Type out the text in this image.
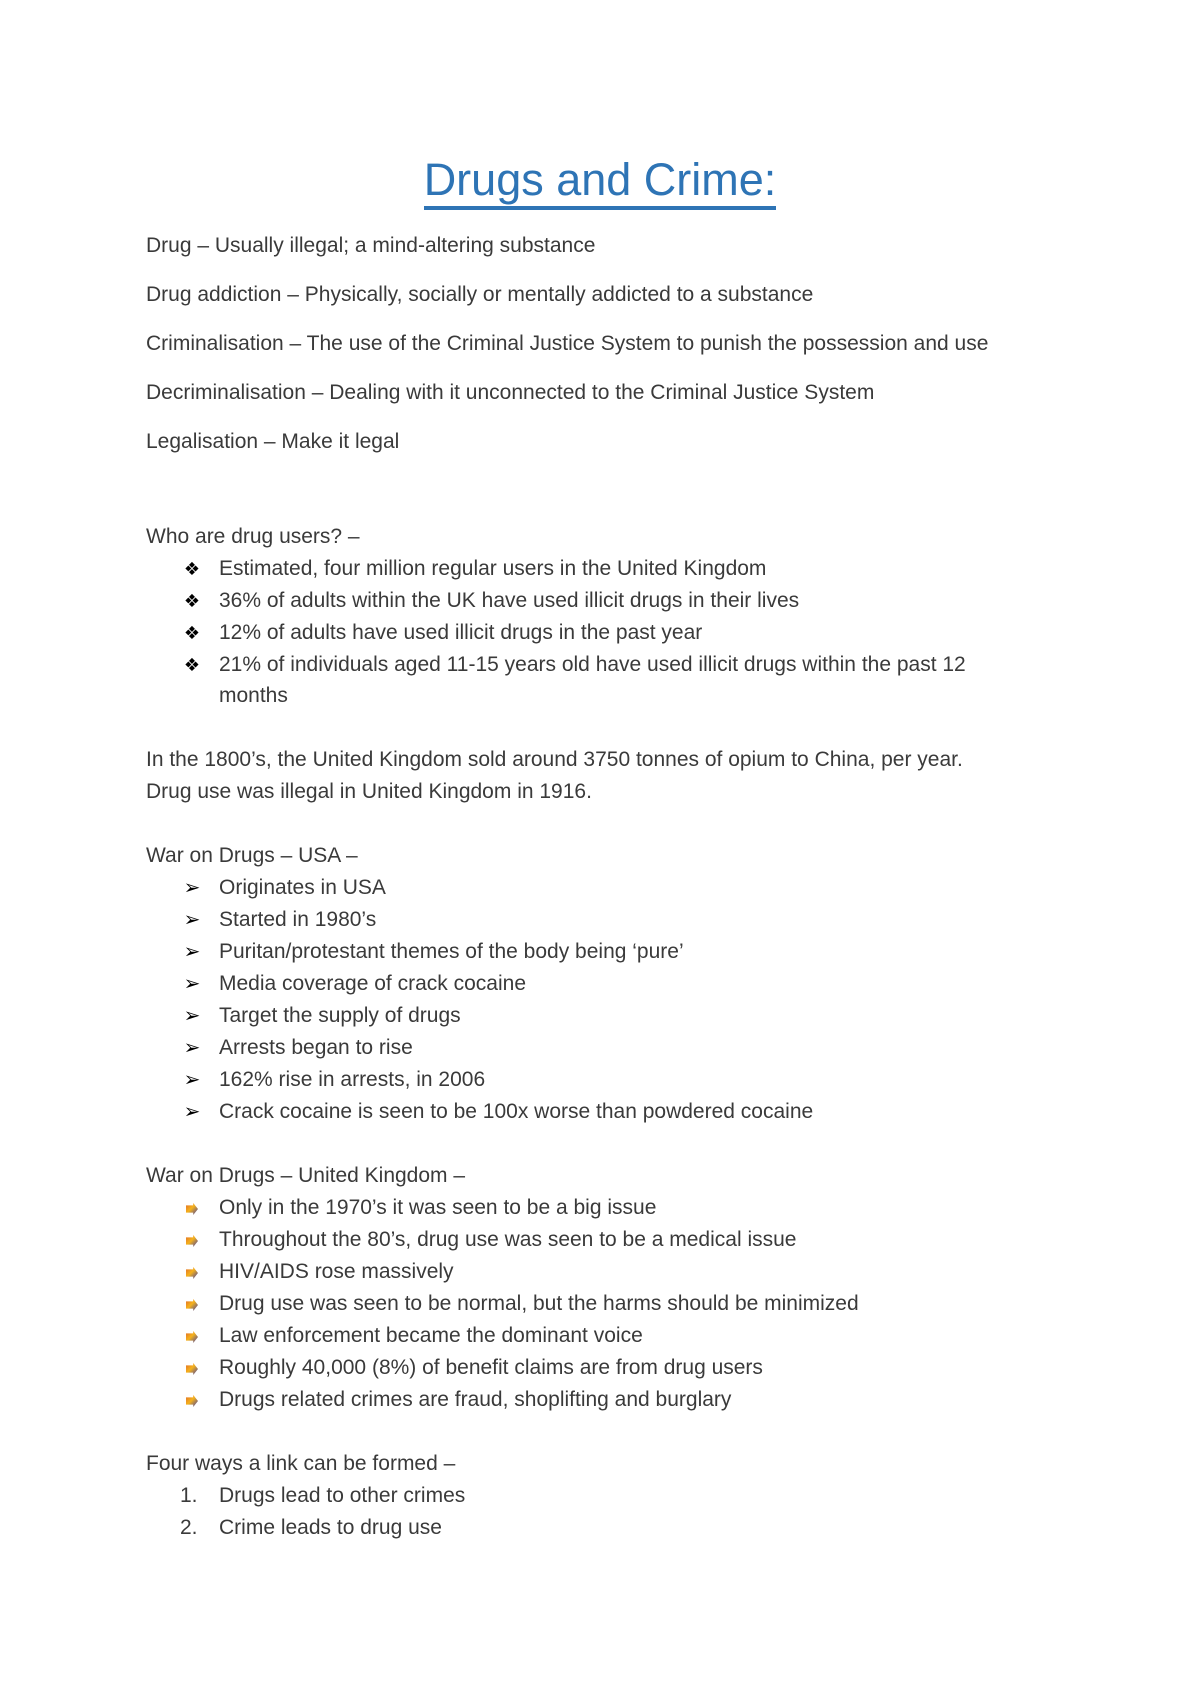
Drugs and Crime:

Drug – Usually illegal; a mind-altering substance

Drug addiction – Physically, socially or mentally addicted to a substance

Criminalisation – The use of the Criminal Justice System to punish the possession and use

Decriminalisation – Dealing with it unconnected to the Criminal Justice System

Legalisation – Make it legal

Who are drug users? –

❖ Estimated, four million regular users in the United Kingdom
❖ 36% of adults within the UK have used illicit drugs in their lives
❖ 12% of adults have used illicit drugs in the past year
❖ 21% of individuals aged 11-15 years old have used illicit drugs within the past 12
months

In the 1800’s, the United Kingdom sold around 3750 tonnes of opium to China, per year.

Drug use was illegal in United Kingdom in 1916.

War on Drugs – USA –

➢ Originates in USA
➢ Started in 1980’s
➢ Puritan/protestant themes of the body being ‘pure’
➢ Media coverage of crack cocaine
➢ Target the supply of drugs
➢ Arrests began to rise
➢ 162% rise in arrests, in 2006
➢ Crack cocaine is seen to be 100x worse than powdered cocaine

War on Drugs – United Kingdom –

Only in the 1970’s it was seen to be a big issue
Throughout the 80’s, drug use was seen to be a medical issue
HIV/AIDS rose massively
Drug use was seen to be normal, but the harms should be minimized
Law enforcement became the dominant voice
Roughly 40,000 (8%) of benefit claims are from drug users
Drugs related crimes are fraud, shoplifting and burglary

Four ways a link can be formed –

1. Drugs lead to other crimes
2. Crime leads to drug use
